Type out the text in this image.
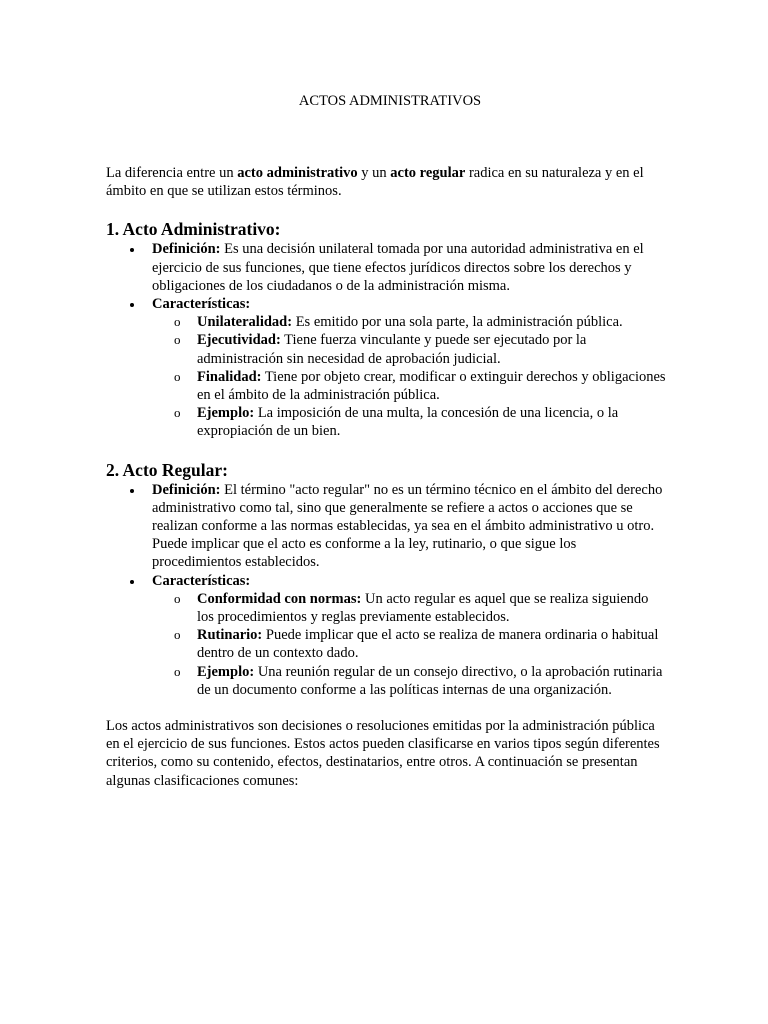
ACTOS ADMINISTRATIVOS

La diferencia entre un acto administrativo y un acto regular radica en su naturaleza y en el ámbito en que se utilizan estos términos.

1. Acto Administrativo:
Definición: Es una decisión unilateral tomada por una autoridad administrativa en el ejercicio de sus funciones, que tiene efectos jurídicos directos sobre los derechos y obligaciones de los ciudadanos o de la administración misma.
Características:
o Unilateralidad: Es emitido por una sola parte, la administración pública.
o Ejecutividad: Tiene fuerza vinculante y puede ser ejecutado por la administración sin necesidad de aprobación judicial.
o Finalidad: Tiene por objeto crear, modificar o extinguir derechos y obligaciones en el ámbito de la administración pública.
o Ejemplo: La imposición de una multa, la concesión de una licencia, o la expropiación de un bien.
2. Acto Regular:
Definición: El término "acto regular" no es un término técnico en el ámbito del derecho administrativo como tal, sino que generalmente se refiere a actos o acciones que se realizan conforme a las normas establecidas, ya sea en el ámbito administrativo u otro. Puede implicar que el acto es conforme a la ley, rutinario, o que sigue los procedimientos establecidos.
Características:
o Conformidad con normas: Un acto regular es aquel que se realiza siguiendo los procedimientos y reglas previamente establecidos.
o Rutinario: Puede implicar que el acto se realiza de manera ordinaria o habitual dentro de un contexto dado.
o Ejemplo: Una reunión regular de un consejo directivo, o la aprobación rutinaria de un documento conforme a las políticas internas de una organización.

Los actos administrativos son decisiones o resoluciones emitidas por la administración pública en el ejercicio de sus funciones. Estos actos pueden clasificarse en varios tipos según diferentes criterios, como su contenido, efectos, destinatarios, entre otros. A continuación se presentan algunas clasificaciones comunes:
